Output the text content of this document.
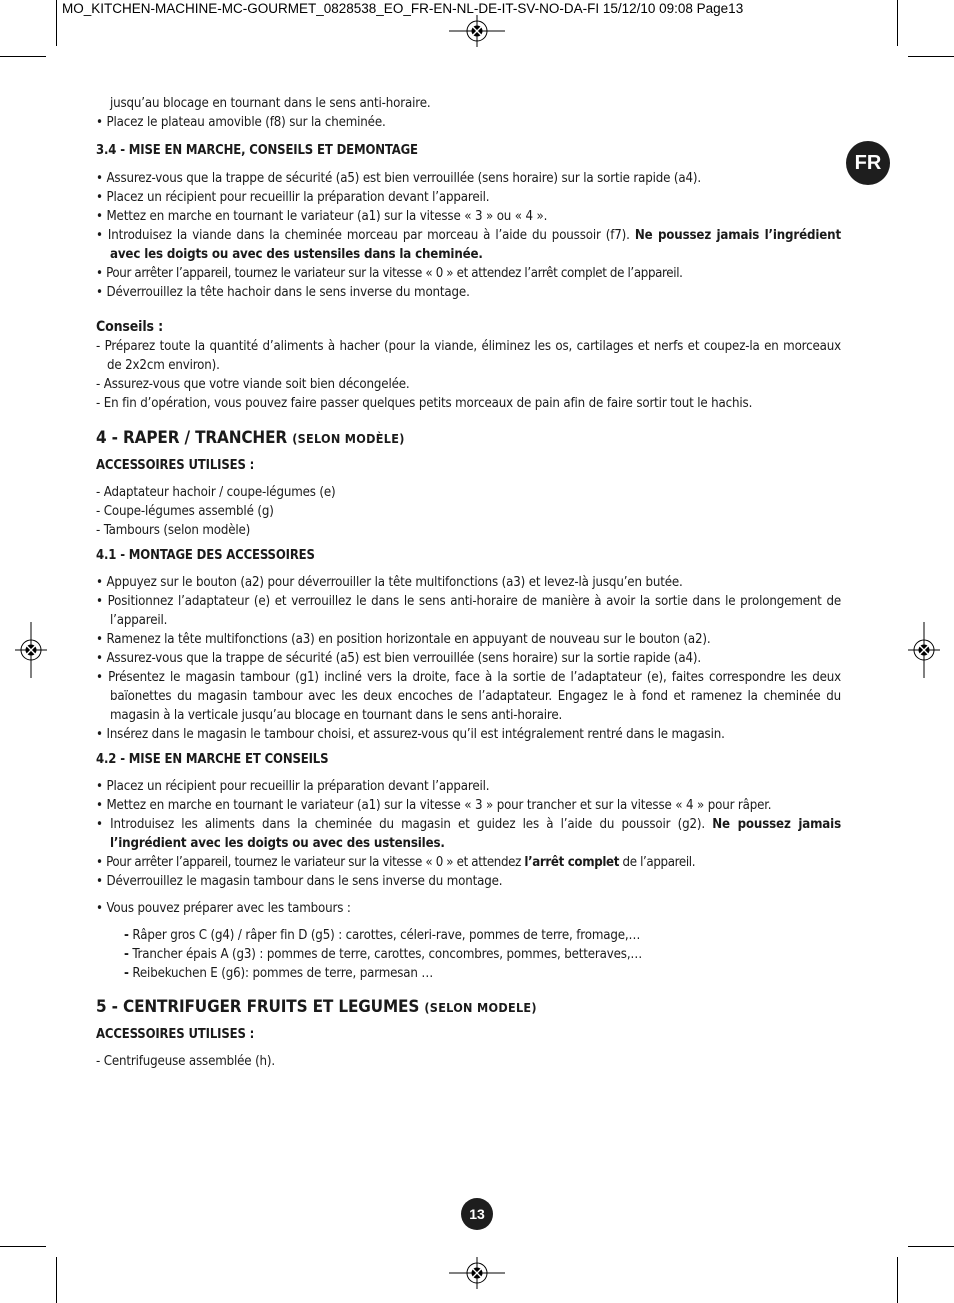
MO_KITCHEN-MACHINE-MC-GOURMET_0828538_EO_FR-EN-NL-DE-IT-SV-NO-DA-FI 15/12/10 09:08 Page13
FR
13

jusqu’au blocage en tournant dans le sens anti-horaire.

• Placez le plateau amovible (f8) sur la cheminée.

3.4 - MISE EN MARCHE, CONSEILS ET DEMONTAGE

• Assurez-vous que la trappe de sécurité (a5) est bien verrouillée (sens horaire) sur la sortie rapide (a4).

• Placez un récipient pour recueillir la préparation devant l’appareil.

• Mettez en marche en tournant le variateur (a1) sur la vitesse « 3 » ou « 4 ».

• Introduisez la viande dans la cheminée morceau par morceau à l’aide du poussoir (f7). Ne poussez jamais l’ingrédient avec les doigts ou avec des ustensiles dans la cheminée.

• Pour arrêter l’appareil, tournez le variateur sur la vitesse « 0 » et attendez l’arrêt complet de l’appareil.

• Déverrouillez la tête hachoir dans le sens inverse du montage.

Conseils :

- Préparez toute la quantité d’aliments à hacher (pour la viande, éliminez les os, cartilages et nerfs et coupez-la en morceaux de 2x2cm environ).

- Assurez-vous que votre viande soit bien décongelée.

- En fin d’opération, vous pouvez faire passer quelques petits morceaux de pain afin de faire sortir tout le hachis.

4 - RAPER / TRANCHER (SELON MODÈLE)

ACCESSOIRES UTILISES :

- Adaptateur hachoir / coupe-légumes (e)

- Coupe-légumes assemblé (g)

- Tambours (selon modèle)

4.1 - MONTAGE DES ACCESSOIRES

• Appuyez sur le bouton (a2) pour déverrouiller la tête multifonctions (a3) et levez-là jusqu’en butée.

• Positionnez l’adaptateur (e) et verrouillez le dans le sens anti-horaire de manière à avoir la sortie dans le prolongement de l’appareil.

• Ramenez la tête multifonctions (a3) en position horizontale en appuyant de nouveau sur le bouton (a2).

• Assurez-vous que la trappe de sécurité (a5) est bien verrouillée (sens horaire) sur la sortie rapide (a4).

• Présentez le magasin tambour (g1) incliné vers la droite, face à la sortie de l’adaptateur (e), faites correspondre les deux baïonettes du magasin tambour avec les deux encoches de l’adaptateur. Engagez le à fond et ramenez la cheminée du magasin à la verticale jusqu’au blocage en tournant dans le sens anti-horaire.

• Insérez dans le magasin le tambour choisi, et assurez-vous qu’il est intégralement rentré dans le magasin.

4.2 - MISE EN MARCHE ET CONSEILS

• Placez un récipient pour recueillir la préparation devant l’appareil.

• Mettez en marche en tournant le variateur (a1) sur la vitesse « 3 » pour trancher et sur la vitesse « 4 » pour râper.

• Introduisez les aliments dans la cheminée du magasin et guidez les à l’aide du poussoir (g2). Ne poussez jamais l’ingrédient avec les doigts ou avec des ustensiles.

• Pour arrêter l’appareil, tournez le variateur sur la vitesse « 0 » et attendez l’arrêt complet de l’appareil.

• Déverrouillez le magasin tambour dans le sens inverse du montage.

• Vous pouvez préparer avec les tambours :

- Râper gros C (g4) / râper fin D (g5) : carottes, céleri-rave, pommes de terre, fromage,…

- Trancher épais A (g3) : pommes de terre, carottes, concombres, pommes, betteraves,…

- Reibekuchen E (g6): pommes de terre, parmesan …

5 - CENTRIFUGER FRUITS ET LEGUMES (SELON MODELE)

ACCESSOIRES UTILISES :

- Centrifugeuse assemblée (h).
